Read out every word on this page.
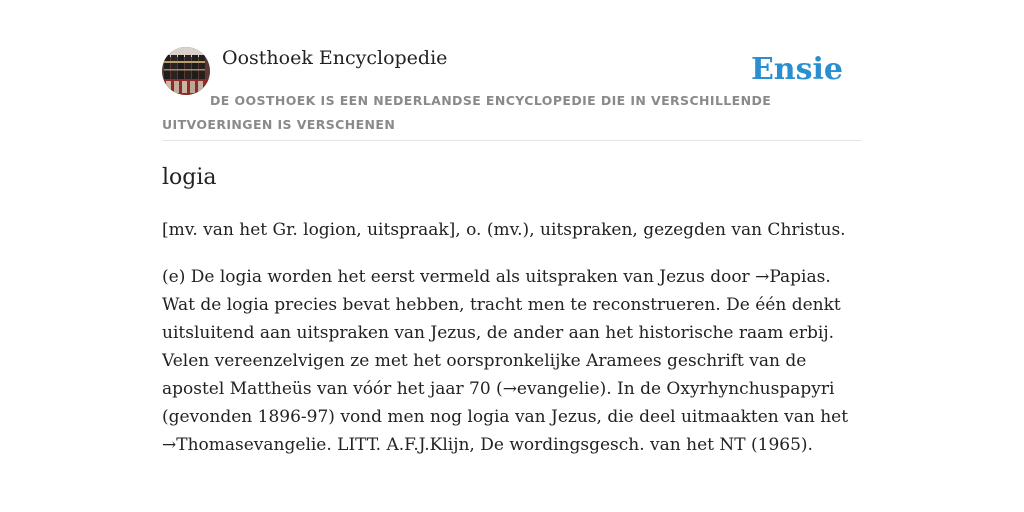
Oosthoek Encyclopedie	Ensie
DE OOSTHOEK IS EEN NEDERLANDSE ENCYCLOPEDIE DIE IN VERSCHILLENDE UITVOERINGEN IS VERSCHENEN
logia

[mv. van het Gr. logion, uitspraak], o. (mv.), uitspraken, gezegden van Christus.

(e) De logia worden het eerst vermeld als uitspraken van Jezus door →Papias. Wat de logia precies bevat hebben, tracht men te reconstrueren. De één denkt uitsluitend aan uitspraken van Jezus, de ander aan het historische raam erbij. Velen vereenzelvigen ze met het oorspronkelijke Aramees geschrift van de apostel Mattheüs van vóór het jaar 70 (→evangelie). In de Oxyrhynchuspapyri (gevonden 1896-97) vond men nog logia van Jezus, die deel uitmaakten van het →Thomasevangelie. LITT. A.F.J.Klijn, De wordingsgesch. van het NT (1965).
